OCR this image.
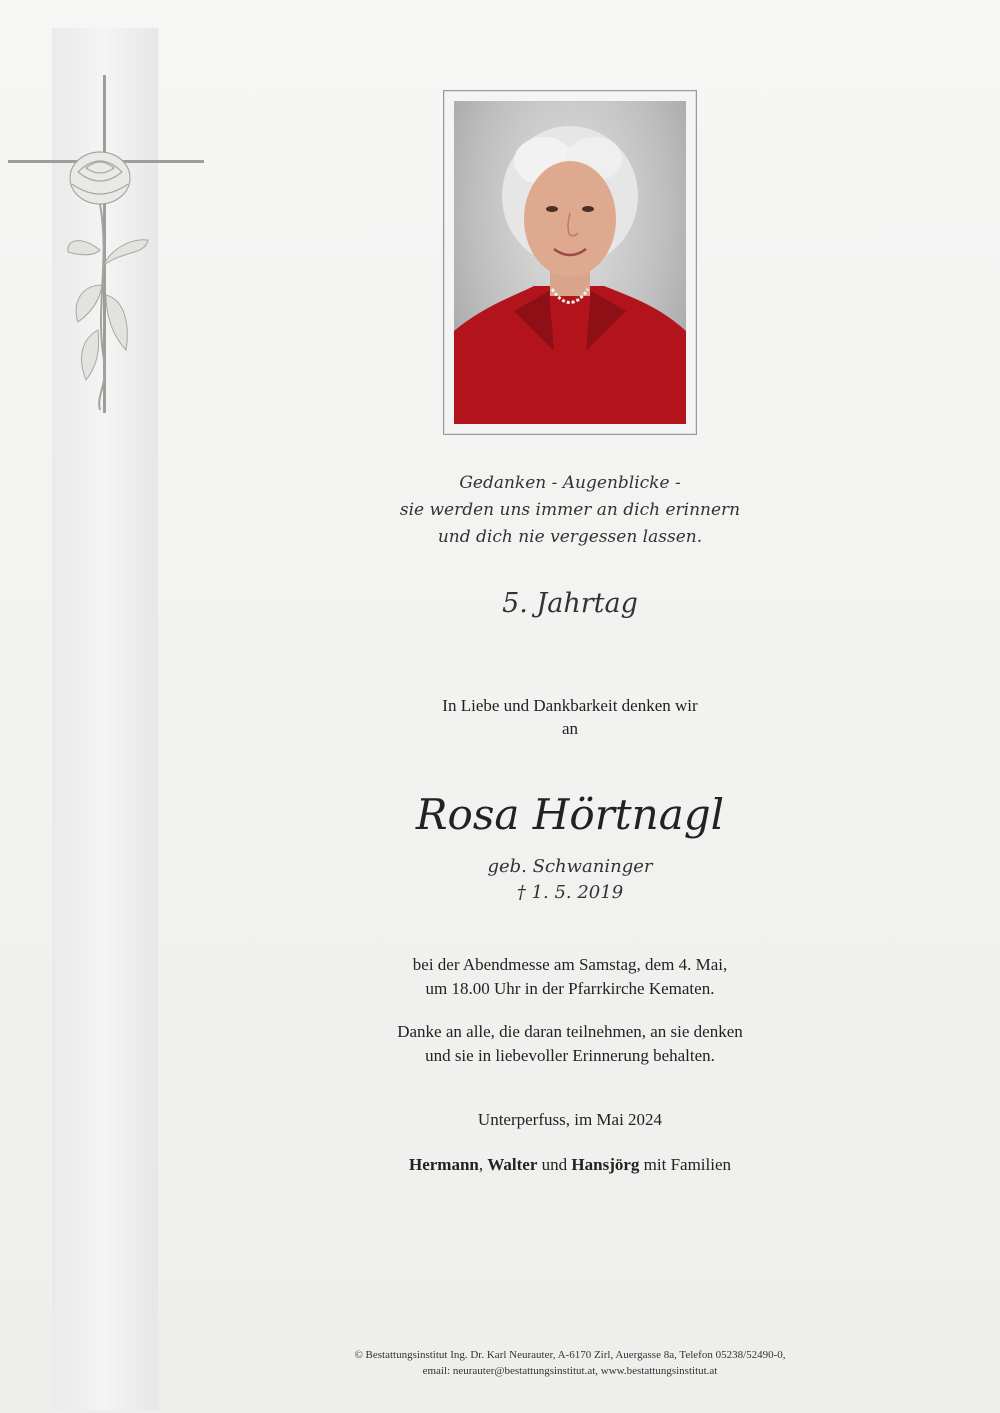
Gedanken - Augenblicke -
sie werden uns immer an dich erinnern
und dich nie vergessen lassen.
5. Jahrtag
In Liebe und Dankbarkeit denken wir
an
Rosa Hörtnagl
geb. Schwaninger
† 1. 5. 2019
bei der Abendmesse am Samstag, dem 4. Mai,
um 18.00 Uhr in der Pfarrkirche Kematen.
Danke an alle, die daran teilnehmen, an sie denken
und sie in liebevoller Erinnerung behalten.
Unterperfuss, im Mai 2024
Hermann, Walter und Hansjörg mit Familien
© Bestattungsinstitut Ing. Dr. Karl Neurauter, A-6170 Zirl, Auergasse 8a, Telefon 05238/52490-0,
email: neurauter@bestattungsinstitut.at, www.bestattungsinstitut.at
